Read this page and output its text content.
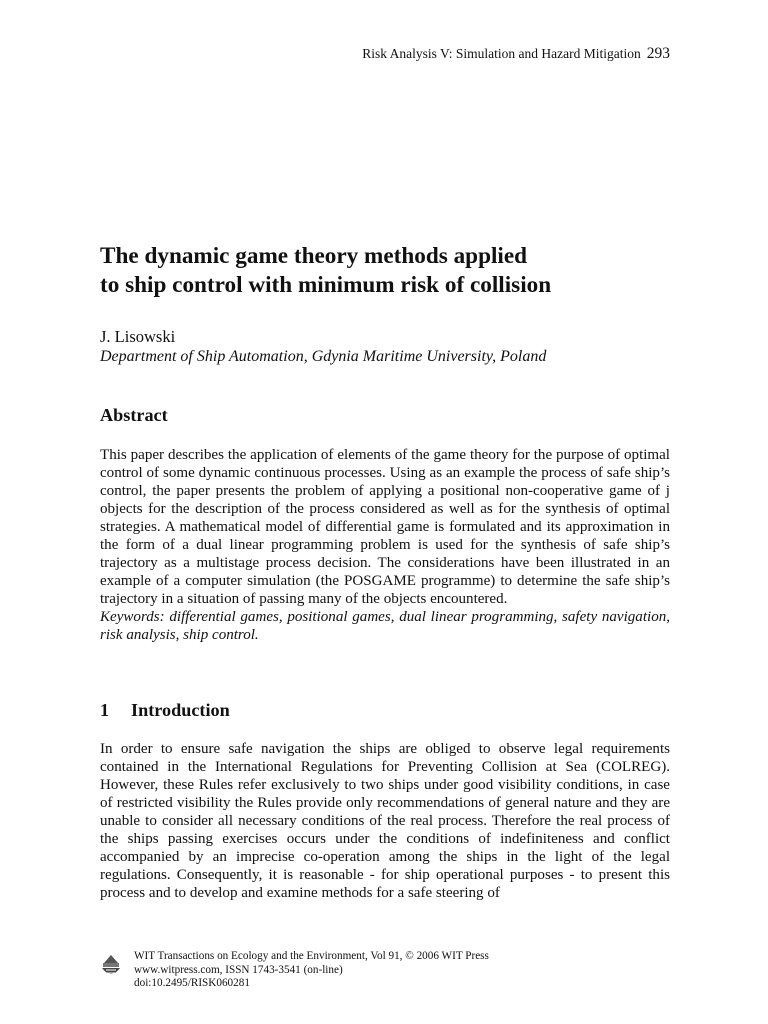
Risk Analysis V: Simulation and Hazard Mitigation 293
The dynamic game theory methods applied
to ship control with minimum risk of collision
J. Lisowski
Department of Ship Automation, Gdynia Maritime University, Poland
Abstract
This paper describes the application of elements of the game theory for the purpose of optimal control of some dynamic continuous processes. Using as an example the process of safe ship’s control, the paper presents the problem of applying a positional non-cooperative game of j objects for the description of the process considered as well as for the synthesis of optimal strategies. A mathematical model of differential game is formulated and its approximation in the form of a dual linear programming problem is used for the synthesis of safe ship’s trajectory as a multistage process decision. The considerations have been illustrated in an example of a computer simulation (the POSGAME programme) to determine the safe ship’s trajectory in a situation of passing many of the objects encountered.
Keywords: differential games, positional games, dual linear programming, safety navigation, risk analysis, ship control.
1 Introduction
In order to ensure safe navigation the ships are obliged to observe legal requirements contained in the International Regulations for Preventing Collision at Sea (COLREG). However, these Rules refer exclusively to two ships under good visibility conditions, in case of restricted visibility the Rules provide only recommendations of general nature and they are unable to consider all necessary conditions of the real process. Therefore the real process of the ships passing exercises occurs under the conditions of indefiniteness and conflict accompanied by an imprecise co-operation among the ships in the light of the legal regulations. Consequently, it is reasonable - for ship operational purposes - to present this process and to develop and examine methods for a safe steering of
WIT Transactions on Ecology and the Environment, Vol 91, © 2006 WIT Press
www.witpress.com, ISSN 1743-3541 (on-line)
doi:10.2495/RISK060281
